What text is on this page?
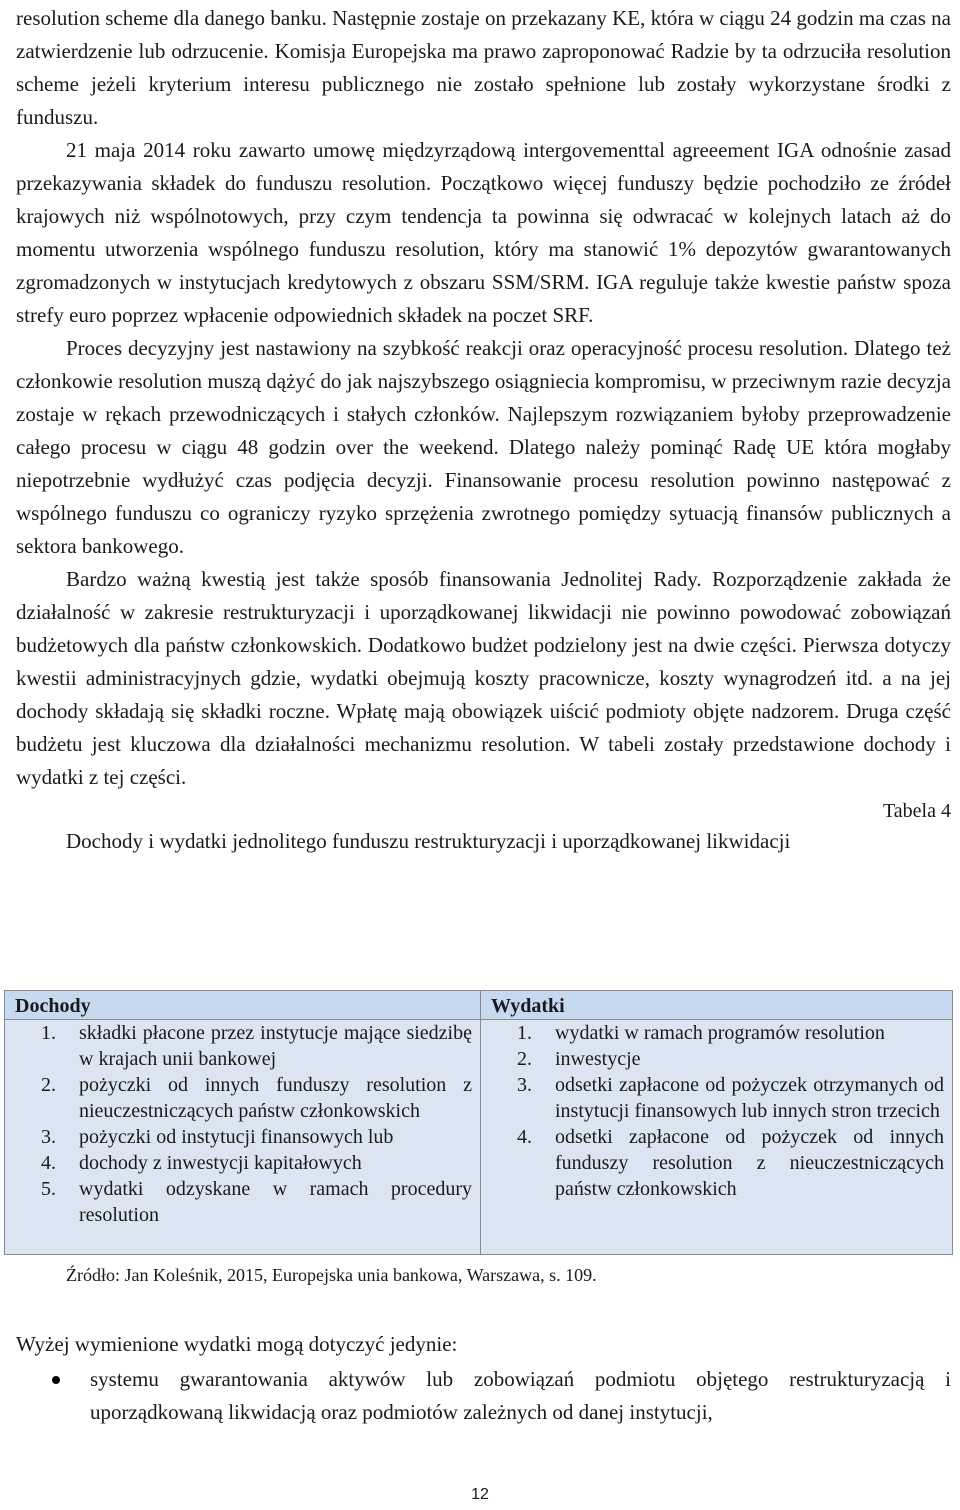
resolution scheme dla danego banku. Następnie zostaje on przekazany KE, która w ciągu 24 godzin ma czas na zatwierdzenie lub odrzucenie. Komisja Europejska ma prawo zaproponować Radzie by ta odrzuciła resolution scheme jeżeli kryterium interesu publicznego nie zostało spełnione lub zostały wykorzystane środki z funduszu.

21 maja 2014 roku zawarto umowę międzyrządową intergovementtal agreeement IGA odnośnie zasad przekazywania składek do funduszu resolution. Początkowo więcej funduszy będzie pochodziło ze źródeł krajowych niż wspólnotowych, przy czym tendencja ta powinna się odwracać w kolejnych latach aż do momentu utworzenia wspólnego funduszu resolution, który ma stanowić 1% depozytów gwarantowanych zgromadzonych w instytucjach kredytowych z obszaru SSM/SRM. IGA reguluje także kwestie państw spoza strefy euro poprzez wpłacenie odpowiednich składek na poczet SRF.

Proces decyzyjny jest nastawiony na szybkość reakcji oraz operacyjność procesu resolution. Dlatego też członkowie resolution muszą dążyć do jak najszybszego osiągniecia kompromisu, w przeciwnym razie decyzja zostaje w rękach przewodniczących i stałych członków. Najlepszym rozwiązaniem byłoby przeprowadzenie całego procesu w ciągu 48 godzin over the weekend. Dlatego należy pominąć Radę UE która mogłaby niepotrzebnie wydłużyć czas podjęcia decyzji. Finansowanie procesu resolution powinno następować z wspólnego funduszu co ograniczy ryzyko sprzężenia zwrotnego pomiędzy sytuacją finansów publicznych a sektora bankowego.

Bardzo ważną kwestią jest także sposób finansowania Jednolitej Rady. Rozporządzenie zakłada że działalność w zakresie restrukturyzacji i uporządkowanej likwidacji nie powinno powodować zobowiązań budżetowych dla państw członkowskich. Dodatkowo budżet podzielony jest na dwie części. Pierwsza dotyczy kwestii administracyjnych gdzie, wydatki obejmują koszty pracownicze, koszty wynagrodzeń itd. a na jej dochody składają się składki roczne. Wpłatę mają obowiązek uiścić podmioty objęte nadzorem. Druga część budżetu jest kluczowa dla działalności mechanizmu resolution. W tabeli zostały przedstawione dochody i wydatki z tej części.

Tabela 4

Dochody i wydatki jednolitego funduszu restrukturyzacji i uporządkowanej likwidacji

Dochody
1. składki płacone przez instytucje mające siedzibę w krajach unii bankowej
2. pożyczki od innych funduszy resolution z nieuczestniczących państw członkowskich
3. pożyczki od instytucji finansowych lub
4. dochody z inwestycji kapitałowych
5. wydatki odzyskane w ramach procedury resolution
Wydatki
1. wydatki w ramach programów resolution
2. inwestycje
3. odsetki zapłacone od pożyczek otrzymanych od instytucji finansowych lub innych stron trzecich
4. odsetki zapłacone od pożyczek od innych funduszy resolution z nieuczestniczących państw członkowskich
Źródło: Jan Koleśnik, 2015, Europejska unia bankowa, Warszawa, s. 109.

Wyżej wymienione wydatki mogą dotyczyć jedynie:

systemu gwarantowania aktywów lub zobowiązań podmiotu objętego restrukturyzacją i uporządkowaną likwidacją oraz podmiotów zależnych od danej instytucji,

12
